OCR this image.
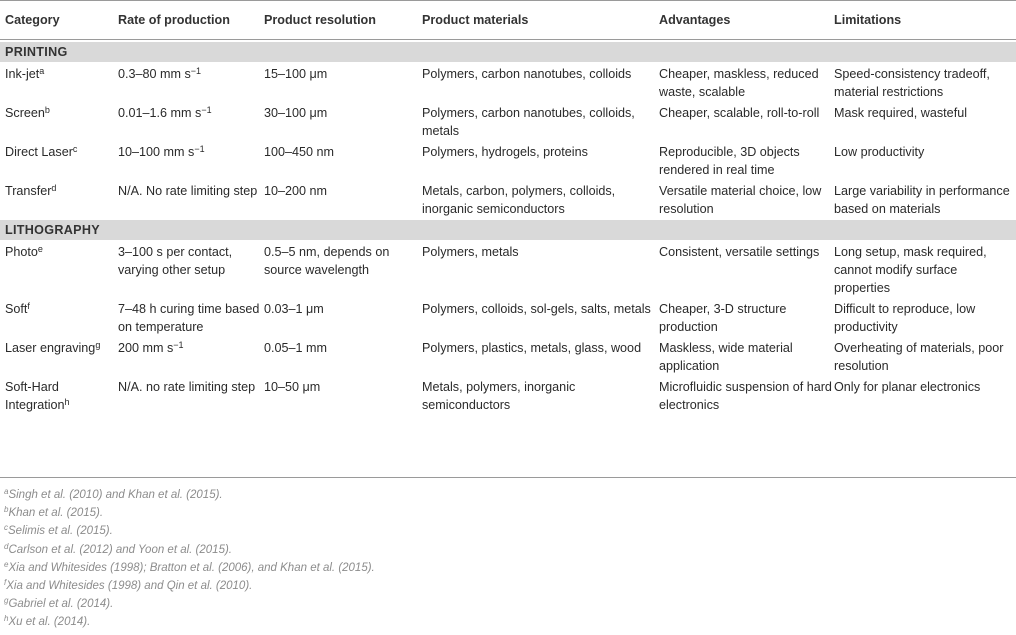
Category	Rate of production	Product resolution	Product materials	Advantages	Limitations

PRINTING					
Ink-jet$^a$	0.3–80 mm $s^{-1}$	15–100 μm	Polymers, carbon nanotubes, colloids	Cheaper, maskless, reduced waste, scalable	Speed-consistency tradeoff, material restrictions
Screen$^b$	0.01–1.6 mm $s^{-1}$	30–100 μm	Polymers, carbon nanotubes, colloids, metals	Cheaper, scalable, roll-to-roll	Mask required, wasteful
Direct Laser$^c$	10–100 mm $s^{-1}$	100–450 nm	Polymers, hydrogels, proteins	Reproducible, 3D objects rendered in real time	Low productivity
Transfer$^d$	N/A. No rate limiting step	10–200 nm	Metals, carbon, polymers, colloids, inorganic semiconductors	Versatile material choice, low resolution	Large variability in performance based on materials

LITHOGRAPHY					
Photo$^e$	3–100 s per contact, varying other setup	0.5–5 nm, depends on source wavelength	Polymers, metals	Consistent, versatile settings	Long setup, mask required, cannot modify surface properties
Soft$^f$	7–48 h curing time based on temperature	0.03–1 μm	Polymers, colloids, sol-gels, salts, metals	Cheaper, 3-D structure production	Difficult to reproduce, low productivity
Laser engraving$^g$	200 mm $s^{-1}$	0.05–1 mm	Polymers, plastics, metals, glass, wood	Maskless, wide material application	Overheating of materials, poor resolution
Soft-Hard Integration$^h$	N/A. no rate limiting step	10–50 μm	Metals, polymers, inorganic semiconductors	Microfluidic suspension of hard electronics	Only for planar electronics
$^a$Singh et al. (2010) and Khan et al. (2015).
$^b$Khan et al. (2015).
$^c$Selimis et al. (2015).
$^d$Carlson et al. (2012) and Yoon et al. (2015).
$^e$Xia and Whitesides (1998); Bratton et al. (2006), and Khan et al. (2015).
$^f$Xia and Whitesides (1998) and Qin et al. (2010).
$^g$Gabriel et al. (2014).
$^h$Xu et al. (2014).
